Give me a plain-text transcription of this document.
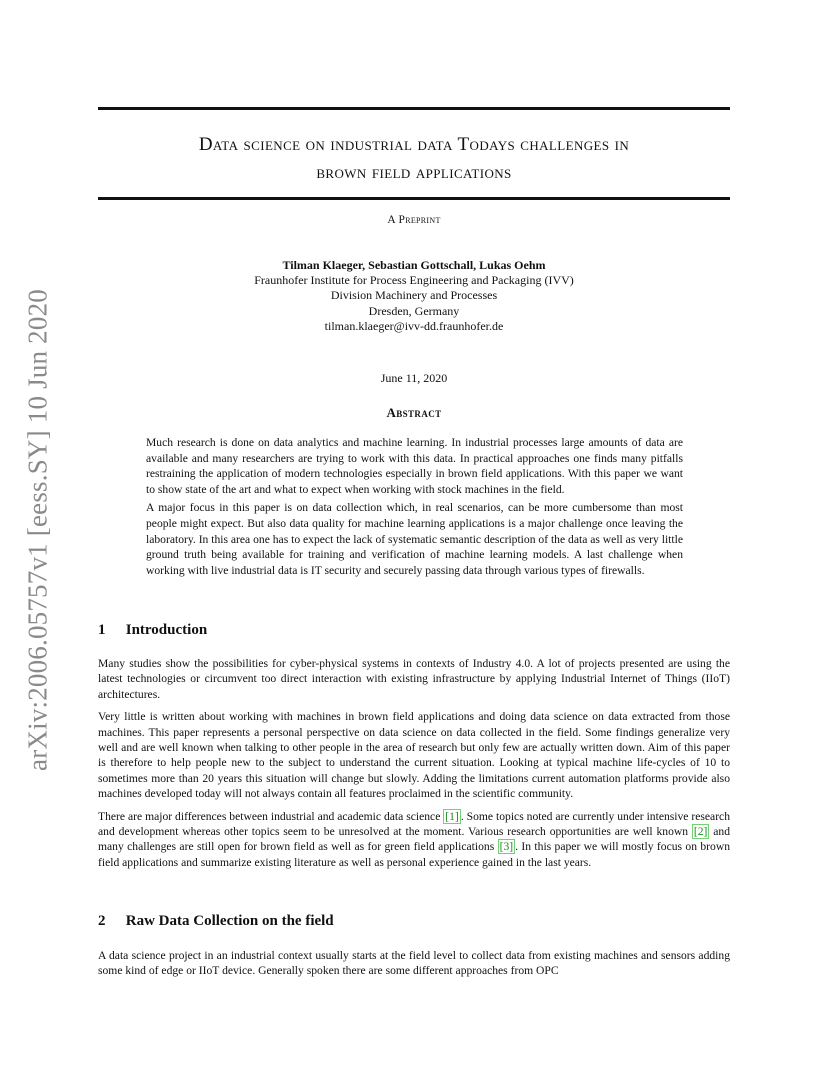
arXiv:2006.05757v1 [eess.SY] 10 Jun 2020
Data science on industrial data Todays challenges in
brown field applications
A Preprint
Tilman Klaeger, Sebastian Gottschall, Lukas Oehm
Fraunhofer Institute for Process Engineering and Packaging (IVV)
Division Machinery and Processes
Dresden, Germany
tilman.klaeger@ivv-dd.fraunhofer.de
June 11, 2020
Abstract

Much research is done on data analytics and machine learning. In industrial processes large amounts of data are available and many researchers are trying to work with this data. In practical approaches one finds many pitfalls restraining the application of modern technologies especially in brown field applications. With this paper we want to show state of the art and what to expect when working with stock machines in the field.

A major focus in this paper is on data collection which, in real scenarios, can be more cumbersome than most people might expect. But also data quality for machine learning applications is a major challenge once leaving the laboratory. In this area one has to expect the lack of systematic semantic description of the data as well as very little ground truth being available for training and verification of machine learning models. A last challenge when working with live industrial data is IT security and securely passing data through various types of firewalls.

1 Introduction

Many studies show the possibilities for cyber-physical systems in contexts of Industry 4.0. A lot of projects presented are using the latest technologies or circumvent too direct interaction with existing infrastructure by applying Industrial Internet of Things (IIoT) architectures.

Very little is written about working with machines in brown field applications and doing data science on data extracted from those machines. This paper represents a personal perspective on data science on data collected in the field. Some findings generalize very well and are well known when talking to other people in the area of research but only few are actually written down. Aim of this paper is therefore to help people new to the subject to understand the current situation. Looking at typical machine life-cycles of 10 to sometimes more than 20 years this situation will change but slowly. Adding the limitations current automation platforms provide also machines developed today will not always contain all features proclaimed in the scientific community.

There are major differences between industrial and academic data science [1] . Some topics noted are currently under intensive research and development whereas other topics seem to be unresolved at the moment. Various research opportunities are well known [2] and many challenges are still open for brown field as well as for green field applications [3] . In this paper we will mostly focus on brown field applications and summarize existing literature as well as personal experience gained in the last years.

2 Raw Data Collection on the field

A data science project in an industrial context usually starts at the field level to collect data from existing machines and sensors adding some kind of edge or IIoT device. Generally spoken there are some different approaches from OPC
